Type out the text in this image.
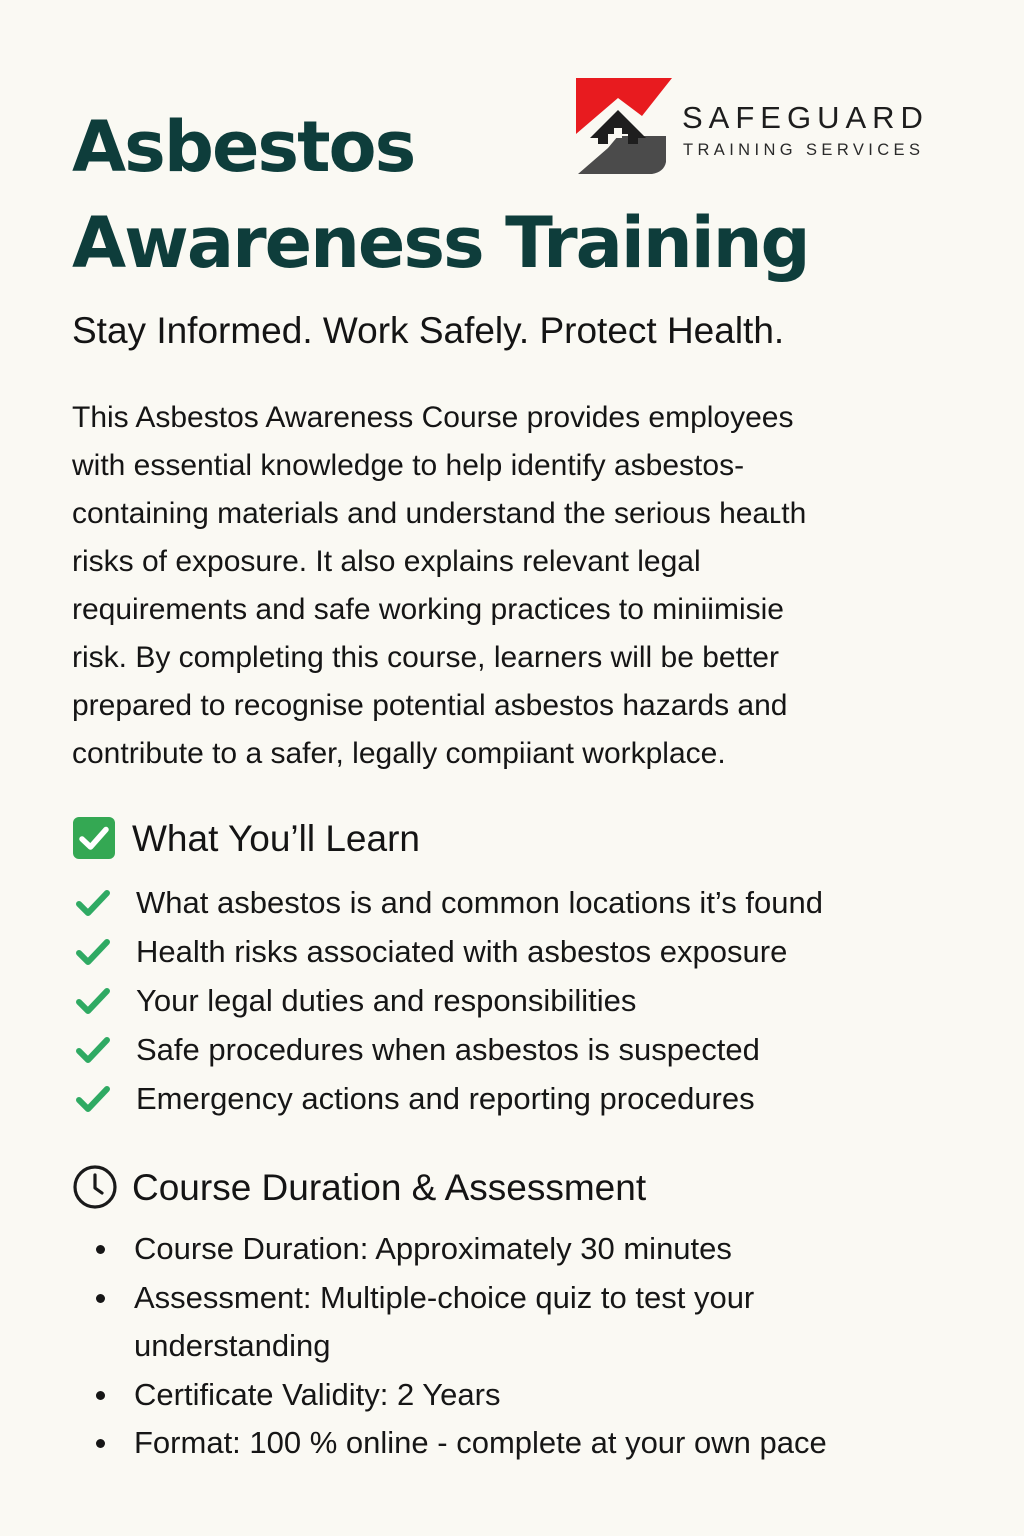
Asbestos
Awareness Training
SAFEGUARD
TRAINING SERVICES
Stay Informed. Work Safely. Protect Health.

This Asbestos Awareness Course provides employees
with essential knowledge to help identify asbestos-
containing materials and understand the serious heaʟth
risks of exposure. It also explains relevant legal
requirements and safe working practices to miniimisie
risk. By completing this course, learners will be better
prepared to recognise potential asbestos hazards and
contribute to a safer, legally compiiant workplace.

What You’ll Learn
What asbestos is and common locations it’s found
Health risks associated with asbestos exposure
Your legal duties and responsibilities
Safe procedures when asbestos is suspected
Emergency actions and reporting procedures
Course Duration & Assessment
Course Duration: Approximately 30 minutes
Assessment: Multiple-choice quiz to test your
understanding
Certificate Validity: 2 Years
Format: 100 % online - complete at your own pace
